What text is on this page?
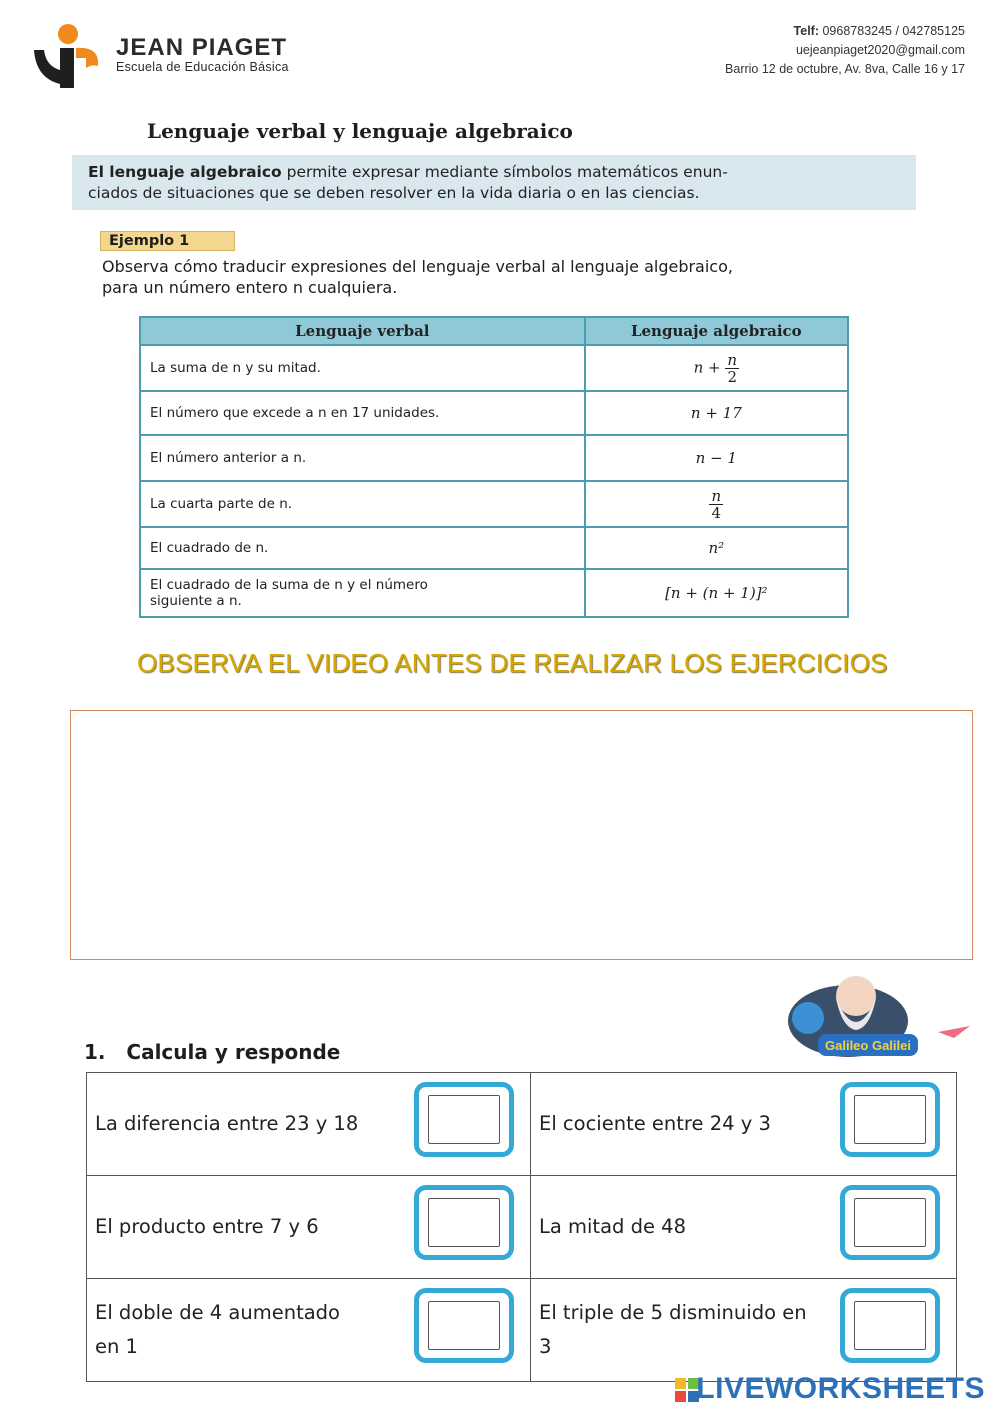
JEAN PIAGET
Escuela de Educación Básica
Telf: 0968783245 / 042785125
uejeanpiaget2020@gmail.com
Barrio 12 de octubre, Av. 8va, Calle 16 y 17
Lenguaje verbal y lenguaje algebraico
El lenguaje algebraico permite expresar mediante símbolos matemáticos enun-
ciados de situaciones que se deben resolver en la vida diaria o en las ciencias.
Ejemplo 1
Observa cómo traducir expresiones del lenguaje verbal al lenguaje algebraico,
para un número entero n cualquiera.
Lenguaje verbal	Lenguaje algebraico
La suma de n y su mitad.	$n + \frac{n}{2}$

El número que excede a n en 17 unidades.	n + 17
El número anterior a n.	n − 1
La cuarta parte de n.	$\frac{n}{4}$

El cuadrado de n.	n²

El cuadrado de la suma de n y el número
siguiente a n.	[n + (n + 1)]²
OBSERVA EL VIDEO ANTES DE REALIZAR LOS EJERCICIOS
Galileo Galilei
1. Calcula y responde
La diferencia entre 23 y 18	El cociente entre 24 y 3

El producto entre 7 y 6	La mitad de 48

El doble de 4 aumentado en 1	El triple de 5 disminuido en 3
LIVEWORKSHEETS
